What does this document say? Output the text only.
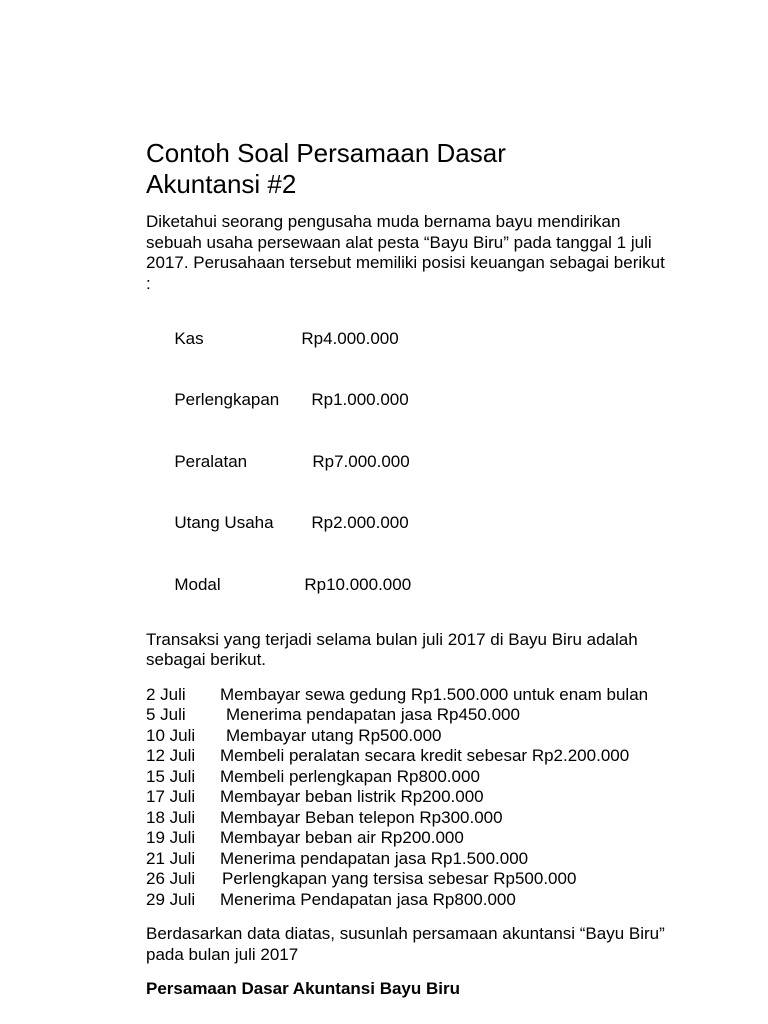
Contoh Soal Persamaan Dasar
Akuntansi #2

Diketahui seorang pengusaha muda bernama bayu mendirikan sebuah usaha persewaan alat pesta “Bayu Biru” pada tanggal 1 juli 2017. Perusahaan tersebut memiliki posisi keuangan sebagai berikut :

Kas	Rp4.000.000

Perlengkapan Rp1.000.000

Peralatan	Rp7.000.000

Utang Usaha Rp2.000.000

Modal	Rp10.000.000

Transaksi yang terjadi selama bulan juli 2017 di Bayu Biru adalah sebagai berikut.

2 Juli Membayar sewa gedung Rp1.500.000 untuk enam bulan
5 Juli Menerima pendapatan jasa Rp450.000
10 Juli Membayar utang Rp500.000
12 Juli Membeli peralatan secara kredit sebesar Rp2.200.000
15 Juli Membeli perlengkapan Rp800.000
17 Juli Membayar beban listrik Rp200.000
18 Juli Membayar Beban telepon Rp300.000
19 Juli Membayar beban air Rp200.000
21 Juli Menerima pendapatan jasa Rp1.500.000
26 Juli Perlengkapan yang tersisa sebesar Rp500.000
29 Juli Menerima Pendapatan jasa Rp800.000

Berdasarkan data diatas, susunlah persamaan akuntansi “Bayu Biru” pada bulan juli 2017

Persamaan Dasar Akuntansi Bayu Biru
